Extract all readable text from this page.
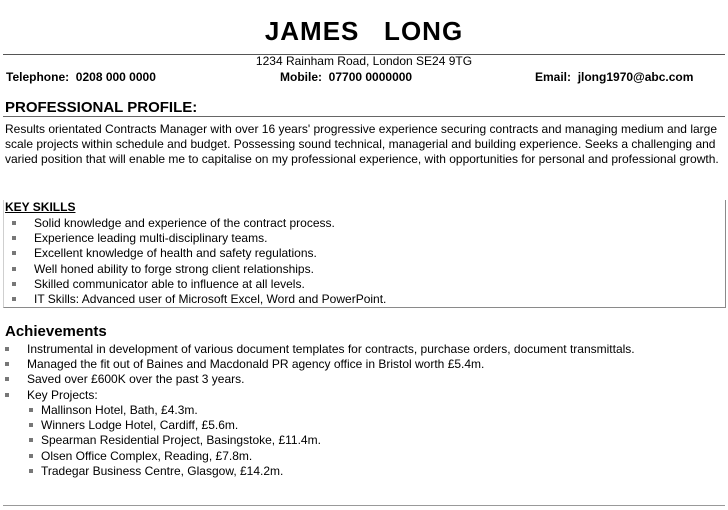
JAMES   LONG
1234 Rainham Road, London SE24 9TG
Telephone: 0208 000 0000	Mobile: 07700 0000000	Email: jlong1970@abc.com
PROFESSIONAL PROFILE:
Results orientated Contracts Manager with over 16 years' progressive experience securing contracts and managing medium and large scale projects within schedule and budget. Possessing sound technical, managerial and building experience. Seeks a challenging and varied position that will enable me to capitalise on my professional experience, with opportunities for personal and professional growth.
KEY SKILLS
Solid knowledge and experience of the contract process.
Experience leading multi-disciplinary teams.
Excellent knowledge of health and safety regulations.
Well honed ability to forge strong client relationships.
Skilled communicator able to influence at all levels.
IT Skills: Advanced user of Microsoft Excel, Word and PowerPoint.
Achievements
Instrumental in development of various document templates for contracts, purchase orders, document transmittals.
Managed the fit out of Baines and Macdonald PR agency office in Bristol worth £5.4m.
Saved over £600K over the past 3 years.
Key Projects:
Mallinson Hotel, Bath, £4.3m.
Winners Lodge Hotel, Cardiff, £5.6m.
Spearman Residential Project, Basingstoke, £11.4m.
Olsen Office Complex, Reading, £7.8m.
Tradegar Business Centre, Glasgow, £14.2m.
